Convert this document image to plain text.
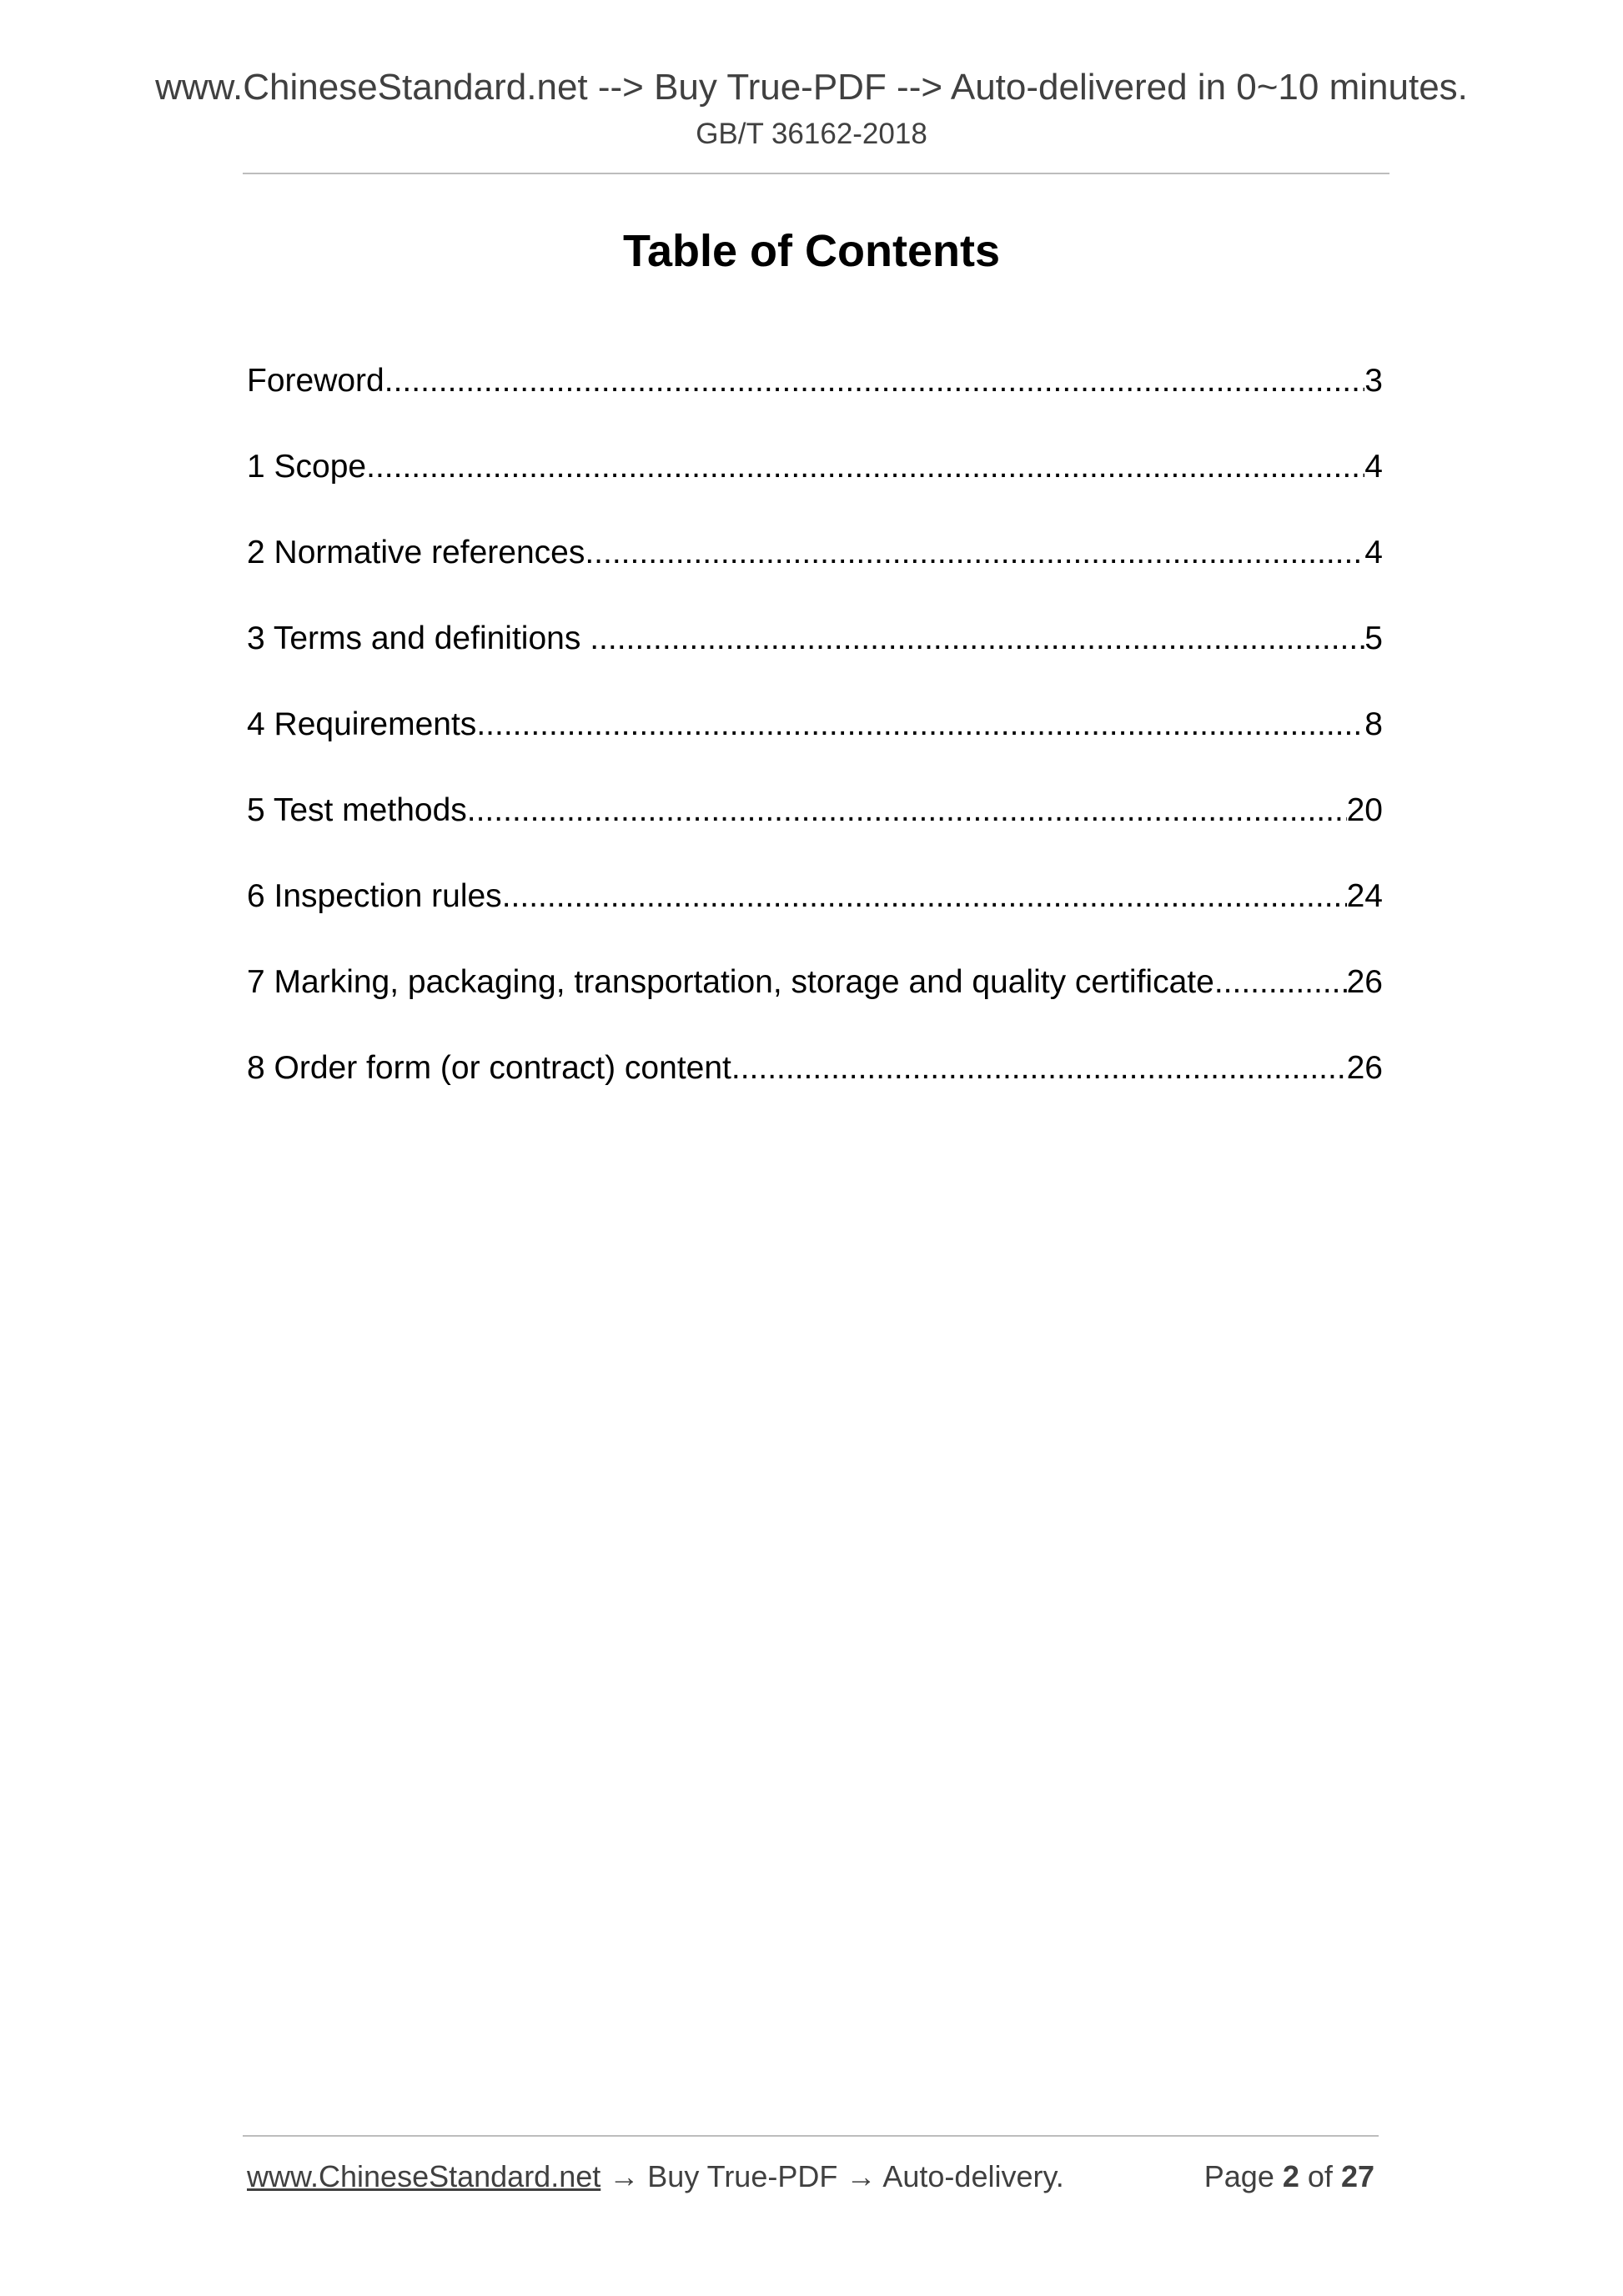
www.ChineseStandard.net --> Buy True-PDF --> Auto-delivered in 0~10 minutes.
GB/T 36162-2018
Table of Contents
Foreword .....	3
1 Scope .....	4
2 Normative references .....	4
3 Terms and definitions .....	5
4 Requirements .....	8
5 Test methods .....	20
6 Inspection rules .....	24
7 Marking, packaging, transportation, storage and quality certificate .....	26
8 Order form (or contract) content .....	26
www.ChineseStandard.net → Buy True-PDF → Auto-delivery.	Page 2 of 27
